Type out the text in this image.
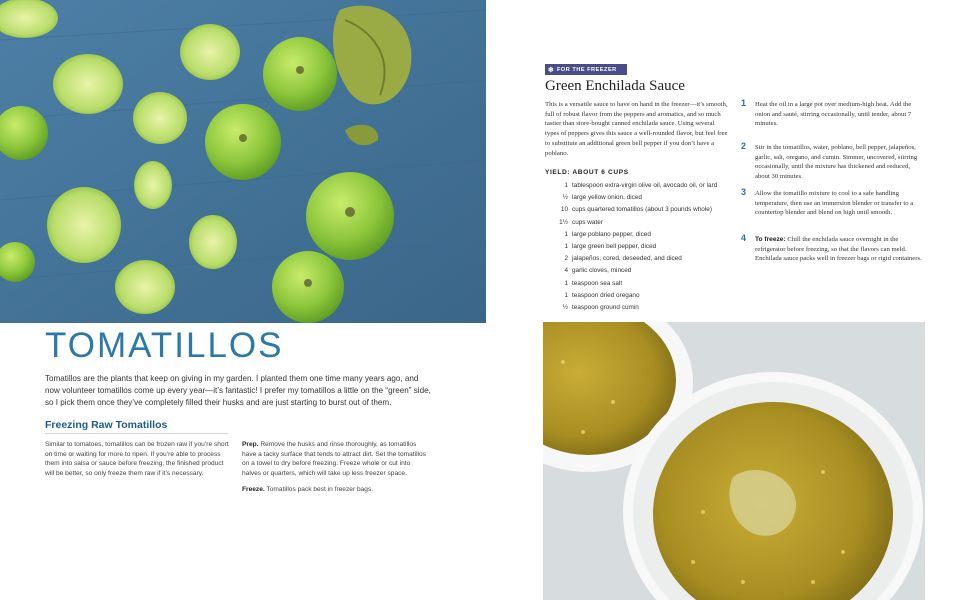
TOMATILLOS

Tomatillos are the plants that keep on giving in my garden. I planted them one time many years ago, and now volunteer tomatillos come up every year—it’s fantastic! I prefer my tomatillos a little on the “green” side, so I pick them once they’ve completely filled their husks and are just starting to burst out of them.

Freezing Raw Tomatillos

Similar to tomatoes, tomatillos can be frozen raw if you’re short on time or waiting for more to ripen. If you’re able to process them into salsa or sauce before freezing, the finished product will be better, so only freeze them raw if it’s necessary.

Prep. Remove the husks and rinse thoroughly, as tomatillos have a tacky surface that tends to attract dirt. Set the tomatillos on a towel to dry before freezing. Freeze whole or cut into halves or quarters, which will take up less freezer space.

Freeze. Tomatillos pack best in freezer bags.

❄ FOR THE FREEZER
Green Enchilada Sauce

This is a versatile sauce to have on hand in the freezer—it’s smooth, full of robust flavor from the peppers and aromatics, and so much tastier than store-bought canned enchilada sauce. Using several types of peppers gives this sauce a well-rounded flavor, but feel free to substitute an additional green bell pepper if you don’t have a poblano.

YIELD: ABOUT 6 CUPS
1 tablespoon extra-virgin olive oil, avocado oil, or lard
½ large yellow onion, diced
10 cups quartered tomatillos (about 3 pounds whole)
1½ cups water
1 large poblano pepper, diced
1 large green bell pepper, diced
2 jalapeños, cored, deseeded, and diced
4 garlic cloves, minced
1 teaspoon sea salt
1 teaspoon dried oregano
½ teaspoon ground cumin
1 Heat the oil in a large pot over medium-high heat. Add the onion and sauté, stirring occasionally, until tender, about 7 minutes.
2 Stir in the tomatillos, water, poblano, bell pepper, jalapeños, garlic, salt, oregano, and cumin. Simmer, uncovered, stirring occasionally, until the mixture has thickened and reduced, about 30 minutes.
3 Allow the tomatillo mixture to cool to a safe handling temperature, then use an immersion blender or transfer to a countertop blender and blend on high until smooth.
4 To freeze: Chill the enchilada sauce overnight in the refrigerator before freezing, so that the flavors can meld. Enchilada sauce packs well in freezer bags or rigid containers.
